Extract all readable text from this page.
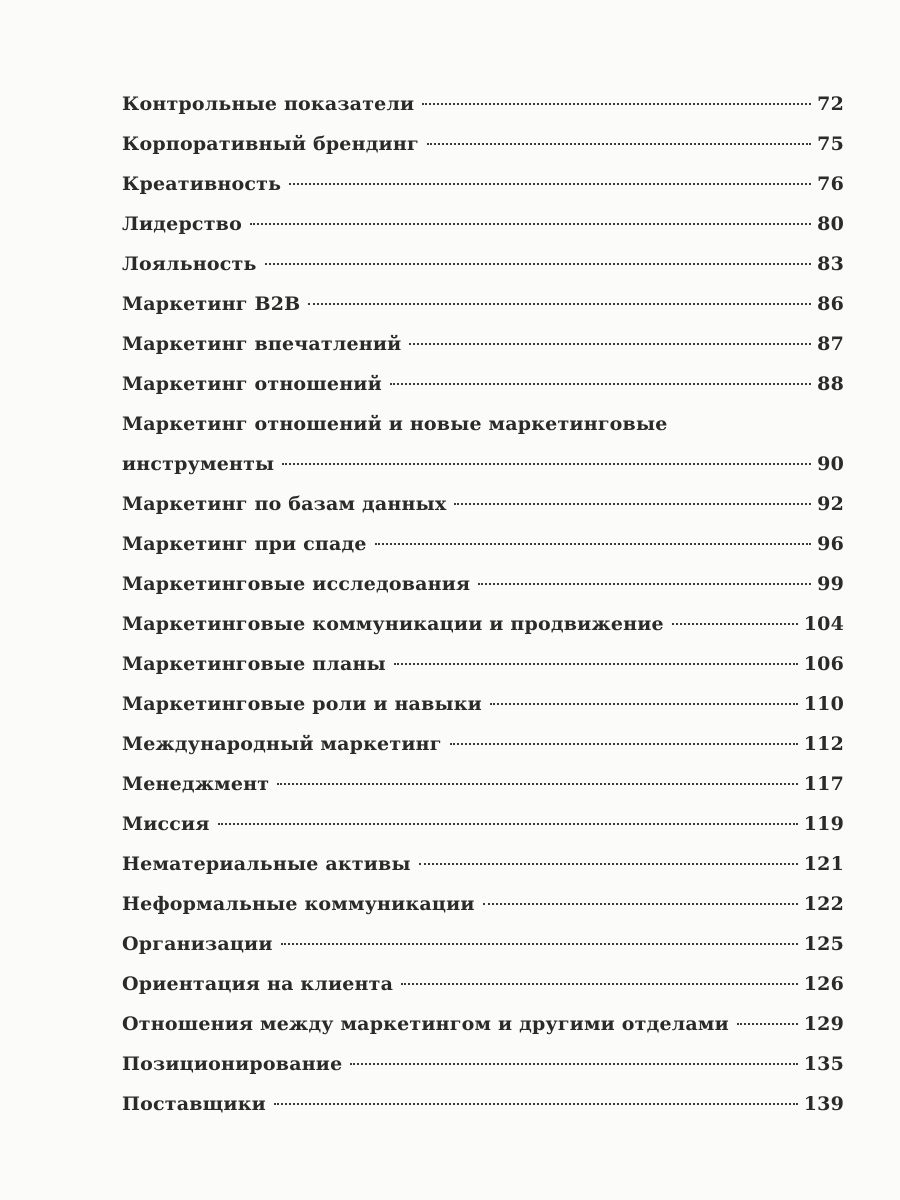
Контрольные показатели	72
Корпоративный брендинг	75
Креативность	76
Лидерство	80
Лояльность	83
Маркетинг B2B	86
Маркетинг впечатлений	87
Маркетинг отношений	88
Маркетинг отношений и новые маркетинговые
инструменты	90
Маркетинг по базам данных	92
Маркетинг при спаде	96
Маркетинговые исследования	99
Маркетинговые коммуникации и продвижение	104
Маркетинговые планы	106
Маркетинговые роли и навыки	110
Международный маркетинг	112
Менеджмент	117
Миссия	119
Нематериальные активы	121
Неформальные коммуникации	122
Организации	125
Ориентация на клиента	126
Отношения между маркетингом и другими отделами	129
Позиционирование	135
Поставщики	139
